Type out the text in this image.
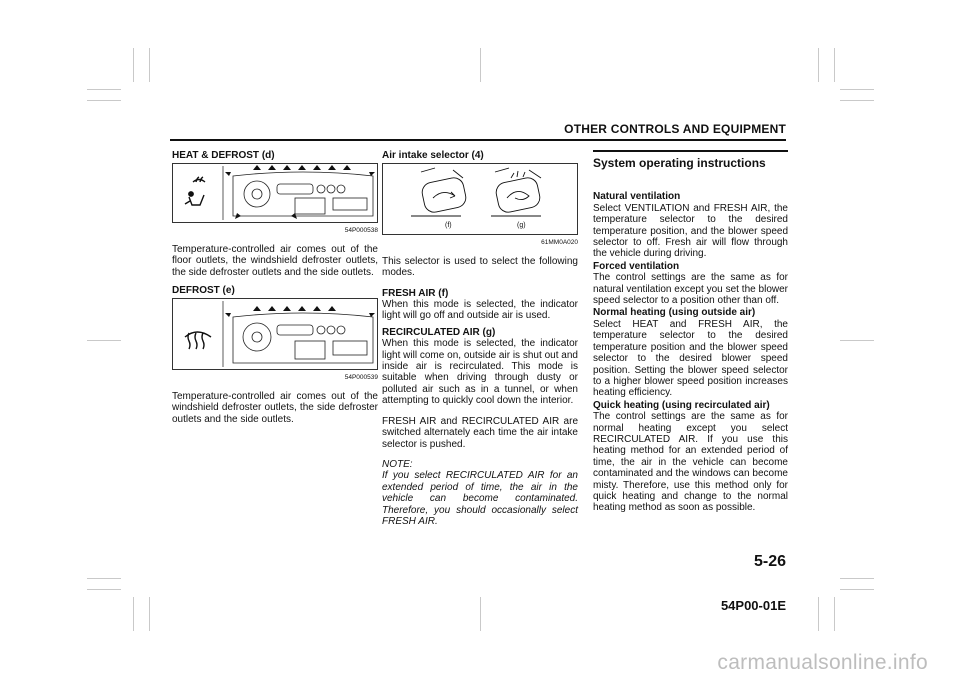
OTHER CONTROLS AND EQUIPMENT

HEAT & DEFROST (d)

54P000538

Temperature-controlled air comes out of the floor outlets, the windshield defroster outlets, the side defroster outlets and the side outlets.

DEFROST (e)

54P000539

Temperature-controlled air comes out of the windshield defroster outlets, the side defroster outlets and the side outlets.

Air intake selector (4)

(f)	(g)
61MM0A020

This selector is used to select the following modes.

FRESH AIR (f)

When this mode is selected, the indicator light will go off and outside air is used.

RECIRCULATED AIR (g)

When this mode is selected, the indicator light will come on, outside air is shut out and inside air is recirculated. This mode is suitable when driving through dusty or polluted air such as in a tunnel, or when attempting to quickly cool down the interior.

FRESH AIR and RECIRCULATED AIR are switched alternately each time the air intake selector is pushed.

NOTE:

If you select RECIRCULATED AIR for an extended period of time, the air in the vehicle can become contaminated. Therefore, you should occasionally select FRESH AIR.

System operating instructions

Natural ventilation

Select VENTILATION and FRESH AIR, the temperature selector to the desired temperature position, and the blower speed selector to off. Fresh air will flow through the vehicle during driving.

Forced ventilation

The control settings are the same as for natural ventilation except you set the blower speed selector to a position other than off.

Normal heating (using outside air)

Select HEAT and FRESH AIR, the temperature selector to the desired temperature position and the blower speed selector to the desired blower speed position. Setting the blower speed selector to a higher blower speed position increases heating efficiency.

Quick heating (using recirculated air)

The control settings are the same as for normal heating except you select RECIRCULATED AIR. If you use this heating method for an extended period of time, the air in the vehicle can become contaminated and the windows can become misty. Therefore, use this method only for quick heating and change to the normal heating method as soon as possible.

5-26
54P00-01E
carmanualsonline.info
